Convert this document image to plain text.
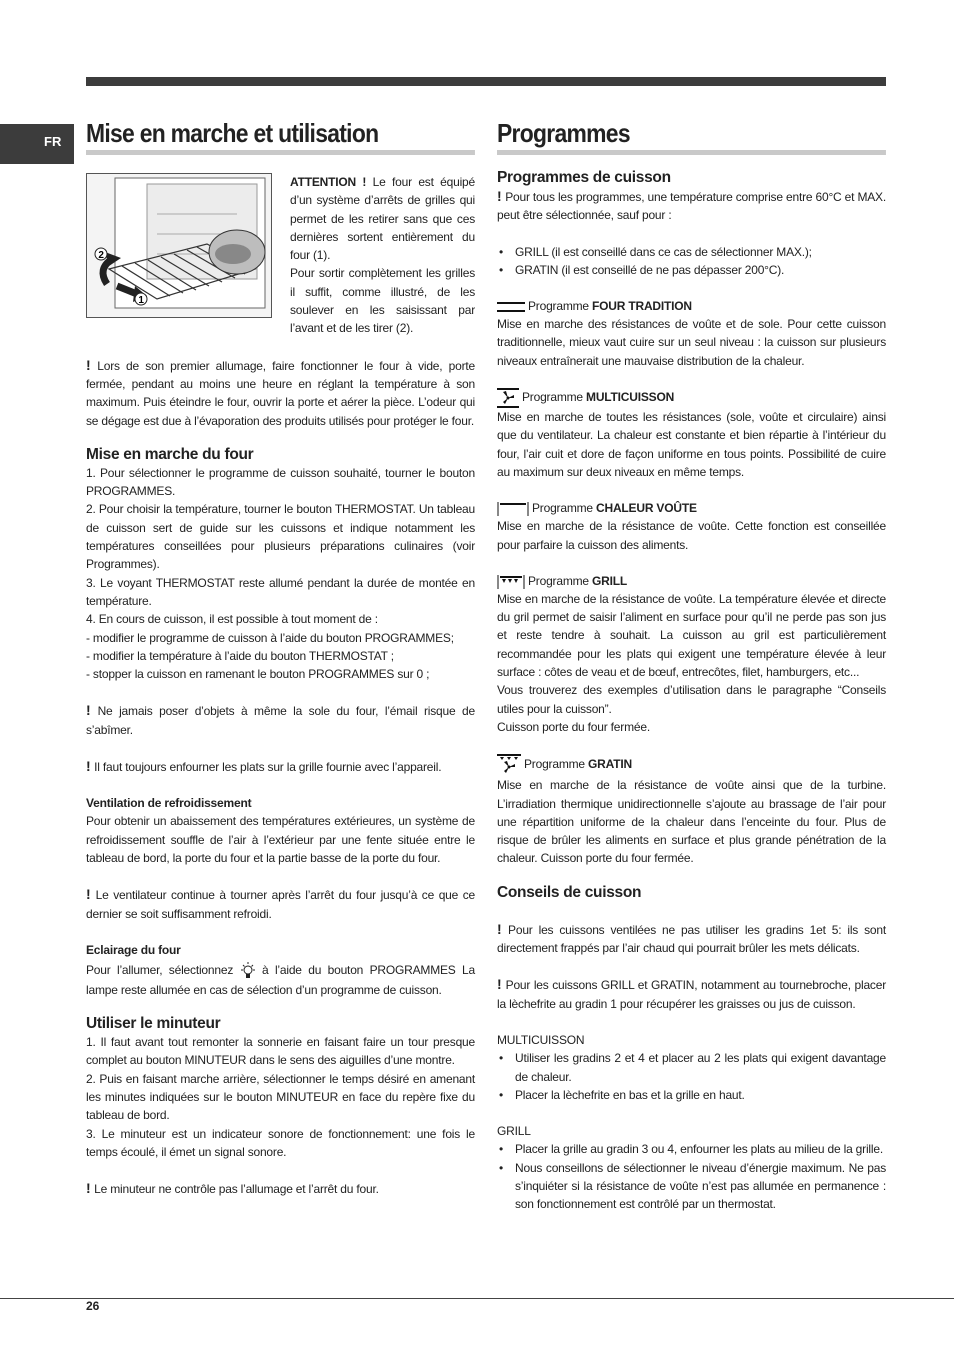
FR Mise en marche et utilisation
2
1

ATTENTION ! Le four est équipé d’un système d’arrêts de grilles qui permet de les retirer sans que ces dernières sortent entièrement du four (1).

Pour sortir complètement les grilles il suffit, comme illustré, de les soulever en les saisissant par l’avant et de les tirer (2).

! Lors de son premier allumage, faire fonctionner le four à vide, porte fermée, pendant au moins une heure en réglant la température à son maximum. Puis éteindre le four, ouvrir la porte et aérer la pièce. L’odeur qui se dégage est due à l’évaporation des produits utilisés pour protéger le four.

Mise en marche du four

1. Pour sélectionner le programme de cuisson souhaité, tourner le bouton PROGRAMMES.

2. Pour choisir la température, tourner le bouton THERMOSTAT. Un tableau de cuisson sert de guide sur les cuissons et indique notamment les températures conseillées pour plusieurs préparations culinaires (voir Programmes).

3. Le voyant THERMOSTAT reste allumé pendant la durée de montée en température.

4. En cours de cuisson, il est possible à tout moment de :

- modifier le programme de cuisson à l’aide du bouton PROGRAMMES;

- modifier la température à l’aide du bouton THERMOSTAT ;

- stopper la cuisson en ramenant le bouton PROGRAMMES sur 0 ;

! Ne jamais poser d’objets à même la sole du four, l’émail risque de s’abîmer.

! Il faut toujours enfourner les plats sur la grille fournie avec l’appareil.

Ventilation de refroidissement

Pour obtenir un abaissement des températures extérieures, un système de refroidissement souffle de l’air à l’extérieur par une fente située entre le tableau de bord, la porte du four et la partie basse de la porte du four.

! Le ventilateur continue à tourner après l’arrêt du four jusqu’à ce que ce dernier se soit suffisamment refroidi.

Eclairage du four

Pour l’allumer, sélectionnez  à l’aide du bouton PROGRAMMES La lampe reste allumée en cas de sélection d’un programme de cuisson.

Utiliser le minuteur

1. Il faut avant tout remonter la sonnerie en faisant faire un tour presque complet au bouton MINUTEUR dans le sens des aiguilles d’une montre.

2. Puis en faisant marche arrière, sélectionner le temps désiré en amenant les minutes indiquées sur le bouton MINUTEUR en face du repère fixe du tableau de bord.

3. Le minuteur est un indicateur sonore de fonctionnement: une fois le temps écoulé, il émet un signal sonore.

! Le minuteur ne contrôle pas l’allumage et l’arrêt du four.

Programmes
Programmes de cuisson

! Pour tous les programmes, une température comprise entre 60°C et MAX. peut être sélectionnée, sauf pour :

• GRILL (il est conseillé dans ce cas de sélectionner MAX.);
• GRATIN (il est conseillé de ne pas dépasser 200°C).
Programme FOUR TRADITION

Mise en marche des résistances de voûte et de sole. Pour cette cuisson traditionnelle, mieux vaut cuire sur un seul niveau : la cuisson sur plusieurs niveaux entraînerait une mauvaise distribution de la chaleur.

Programme MULTICUISSON

Mise en marche de toutes les résistances (sole, voûte et circulaire) ainsi que du ventilateur. La chaleur est constante et bien répartie à l’intérieur du four, l’air cuit et dore de façon uniforme en tous points. Possibilité de cuire au maximum sur deux niveaux en même temps.

Programme CHALEUR VOÛTE

Mise en marche de la résistance de voûte. Cette fonction est conseillée pour parfaire la cuisson des aliments.

Programme GRILL

Mise en marche de la résistance de voûte. La température élevée et directe du gril permet de saisir l’aliment en surface pour qu’il ne perde pas son jus et reste tendre à souhait. La cuisson au gril est particulièrement recommandée pour les plats qui exigent une température élevée à leur surface : côtes de veau et de bœuf, entrecôtes, filet, hamburgers, etc...

Vous trouverez des exemples d’utilisation dans le paragraphe “Conseils utiles pour la cuisson”.

Cuisson porte du four fermée.

Programme GRATIN

Mise en marche de la résistance de voûte ainsi que de la turbine. L’irradiation thermique unidirectionnelle s’ajoute au brassage de l’air pour une répartition uniforme de la chaleur dans l’enceinte du four. Plus de risque de brûler les aliments en surface et plus grande pénétration de la chaleur. Cuisson porte du four fermée.

Conseils de cuisson

! Pour les cuissons ventilées ne pas utiliser les gradins 1et 5: ils sont directement frappés par l’air chaud qui pourrait brûler les mets délicats.

! Pour les cuissons GRILL et GRATIN, notamment au tournebroche, placer la lèchefrite au gradin 1 pour récupérer les graisses ou jus de cuisson.

MULTICUISSON

• Utiliser les gradins 2 et 4 et placer au 2 les plats qui exigent davantage de chaleur.
• Placer la lèchefrite en bas et la grille en haut.

GRILL

• Placer la grille au gradin 3 ou 4, enfourner les plats au milieu de la grille.
• Nous conseillons de sélectionner le niveau d’énergie maximum. Ne pas s’inquiéter si la résistance de voûte n’est pas allumée en permanence : son fonctionnement est contrôlé par un thermostat.
26
